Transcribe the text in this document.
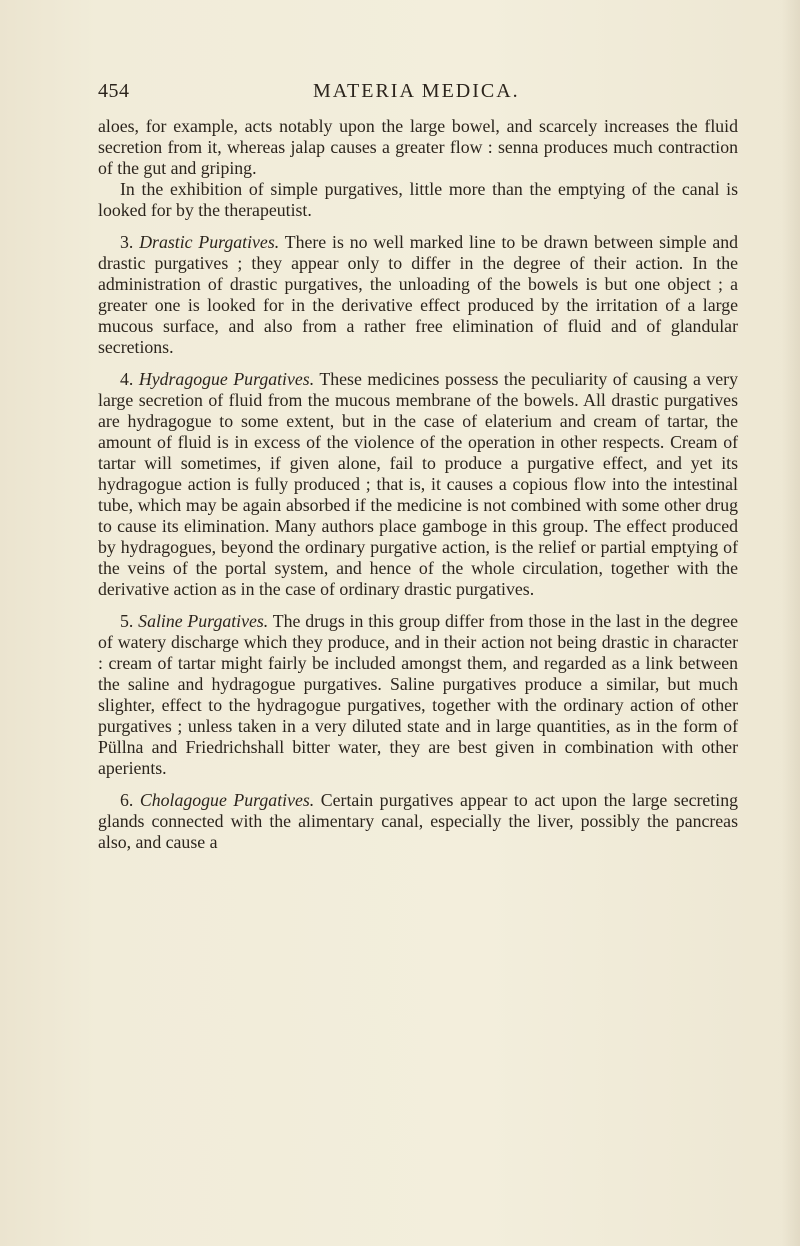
454	MATERIA MEDICA.

aloes, for example, acts notably upon the large bowel, and scarcely increases the fluid secretion from it, whereas jalap causes a greater flow : senna produces much contraction of the gut and griping.

In the exhibition of simple purgatives, little more than the emptying of the canal is looked for by the therapeutist.

3. Drastic Purgatives. There is no well marked line to be drawn between simple and drastic purgatives ; they appear only to differ in the degree of their action. In the administration of drastic purgatives, the unloading of the bowels is but one object ; a greater one is looked for in the derivative effect produced by the irritation of a large mucous surface, and also from a rather free elimination of fluid and of glandular secretions.

4. Hydragogue Purgatives. These medicines possess the peculiarity of causing a very large secretion of fluid from the mucous membrane of the bowels. All drastic purgatives are hydragogue to some extent, but in the case of elaterium and cream of tartar, the amount of fluid is in excess of the violence of the operation in other respects. Cream of tartar will sometimes, if given alone, fail to produce a purgative effect, and yet its hydragogue action is fully produced ; that is, it causes a copious flow into the intestinal tube, which may be again absorbed if the medicine is not combined with some other drug to cause its elimination. Many authors place gamboge in this group. The effect produced by hydragogues, beyond the ordinary purgative action, is the relief or partial emptying of the veins of the portal system, and hence of the whole circulation, together with the derivative action as in the case of ordinary drastic purgatives.

5. Saline Purgatives. The drugs in this group differ from those in the last in the degree of watery discharge which they produce, and in their action not being drastic in character : cream of tartar might fairly be included amongst them, and regarded as a link between the saline and hydragogue purgatives. Saline purgatives produce a similar, but much slighter, effect to the hydragogue purgatives, together with the ordinary action of other purgatives ; unless taken in a very diluted state and in large quantities, as in the form of Püllna and Friedrichshall bitter water, they are best given in combination with other aperients.

6. Cholagogue Purgatives. Certain purgatives appear to act upon the large secreting glands connected with the alimentary canal, especially the liver, possibly the pancreas also, and cause a
